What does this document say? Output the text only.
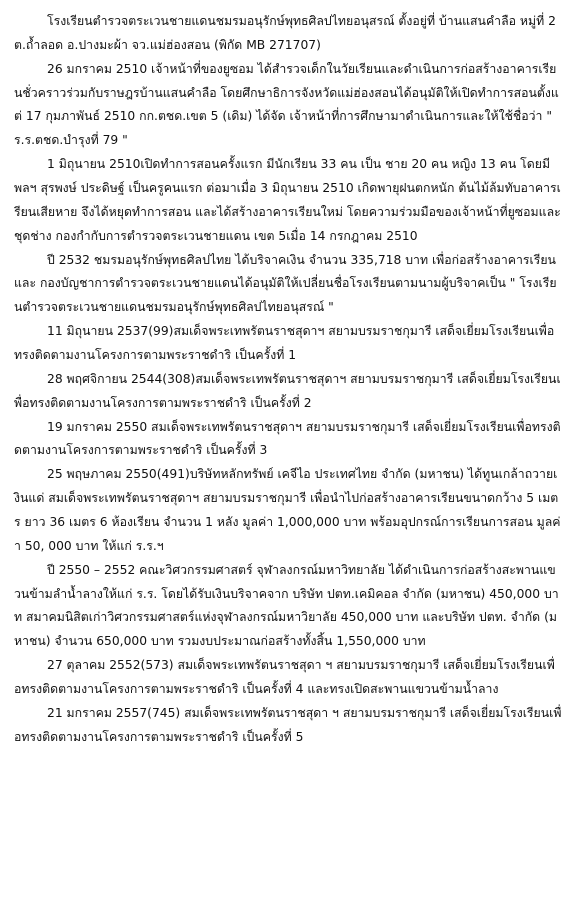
โรงเรียนตำรวจตระเวนชายแดนชมรมอนุรักษ์พุทธศิลปไทยอนุสรณ์ ตั้งอยู่ที่ บ้านแสนคำลือ หมู่ที่ 2 ต.ถ้ำลอด อ.ปางมะผ้า จว.แม่ฮ่องสอน (พิกัด MB 271707)

26 มกราคม 2510 เจ้าหน้าที่ของยูซอม ได้สำรวจเด็กในวัยเรียนและดำเนินการก่อสร้างอาคารเรียนชั่วคราวร่วมกับราษฎรบ้านแสนคำลือ โดยศึกษาธิการจังหวัดแม่ฮ่องสอนได้อนุมัติให้เปิดทำการสอนตั้งแต่ 17 กุมภาพันธ์ 2510 กก.ตชด.เขต 5 (เดิม) ได้จัด เจ้าหน้าที่การศึกษามาดำเนินการและให้ใช้ชื่อว่า " ร.ร.ตชด.บำรุงที่ 79 "

1 มิถุนายน 2510เปิดทำการสอนครั้งแรก มีนักเรียน 33 คน เป็น ชาย 20 คน หญิง 13 คน โดยมี พลฯ สุรพงษ์ ประดิษฐ์ เป็นครูคนแรก ต่อมาเมื่อ 3 มิถุนายน 2510 เกิดพายุฝนตกหนัก ต้นไม้ล้มทับอาคารเรียนเสียหาย จึงได้หยุดทำการสอน และได้สร้างอาคารเรียนใหม่ โดยความร่วมมือของเจ้าหน้าที่ยูซอมและชุดช่าง กองกำกับการตำรวจตระเวนชายแดน เขต 5เมื่อ 14 กรกฎาคม 2510

ปี 2532 ชมรมอนุรักษ์พุทธศิลปไทย ได้บริจาคเงิน จำนวน 335,718 บาท เพื่อก่อสร้างอาคารเรียนและ กองบัญชาการตำรวจตระเวนชายแดนได้อนุมัติให้เปลี่ยนชื่อโรงเรียนตามนามผู้บริจาคเป็น " โรงเรียนตำรวจตระเวนชายแดนชมรมอนุรักษ์พุทธศิลปไทยอนุสรณ์ "

11 มิถุนายน 2537(99)สมเด็จพระเทพรัตนราชสุดาฯ สยามบรมราชกุมารี เสด็จเยี่ยมโรงเรียนเพื่อทรงติดตามงานโครงการตามพระราชดำริ เป็นครั้งที่ 1

28 พฤศจิกายน 2544(308)สมเด็จพระเทพรัตนราชสุดาฯ สยามบรมราชกุมารี เสด็จเยี่ยมโรงเรียนเพื่อทรงติดตามงานโครงการตามพระราชดำริ เป็นครั้งที่ 2

19 มกราคม 2550 สมเด็จพระเทพรัตนราชสุดาฯ สยามบรมราชกุมารี เสด็จเยี่ยมโรงเรียนเพื่อทรงติดตามงานโครงการตามพระราชดำริ เป็นครั้งที่ 3

25 พฤษภาคม 2550(491)บริษัทหลักทรัพย์ เคจีไอ ประเทศไทย จำกัด (มหาชน) ได้ทูนเกล้าถวายเงินแด่ สมเด็จพระเทพรัตนราชสุดาฯ สยามบรมราชกุมารี เพื่อนำไปก่อสร้างอาคารเรียนขนาดกว้าง 5 เมตร ยาว 36 เมตร 6 ห้องเรียน จำนวน 1 หลัง มูลค่า 1,000,000 บาท พร้อมอุปกรณ์การเรียนการสอน มูลค่า 50, 000 บาท ให้แก่ ร.ร.ฯ

ปี 2550 – 2552 คณะวิศวกรรมศาสตร์ จุฬาลงกรณ์มหาวิทยาลัย ได้ดำเนินการก่อสร้างสะพานแขวนข้ามลำน้ำลางให้แก่ ร.ร. โดยได้รับเงินบริจาคจาก บริษัท ปตท.เคมิคอล จำกัด (มหาชน) 450,000 บาท สมาคมนิสิตเก่าวิศวกรรมศาสตร์แห่งจุฬาลงกรณ์มหาวิยาลัย 450,000 บาท และบริษัท ปตท. จำกัด (มหาชน) จำนวน 650,000 บาท รวมงบประมาณก่อสร้างทั้งสิ้น 1,550,000 บาท

27 ตุลาคม 2552(573) สมเด็จพระเทพรัตนราชสุดา ฯ สยามบรมราชกุมารี เสด็จเยี่ยมโรงเรียนเพื่อทรงติดตามงานโครงการตามพระราชดำริ เป็นครั้งที่ 4 และทรงเปิดสะพานแขวนข้ามน้ำลาง

21 มกราคม 2557(745) สมเด็จพระเทพรัตนราชสุดา ฯ สยามบรมราชกุมารี เสด็จเยี่ยมโรงเรียนเพื่อทรงติดตามงานโครงการตามพระราชดำริ เป็นครั้งที่ 5
